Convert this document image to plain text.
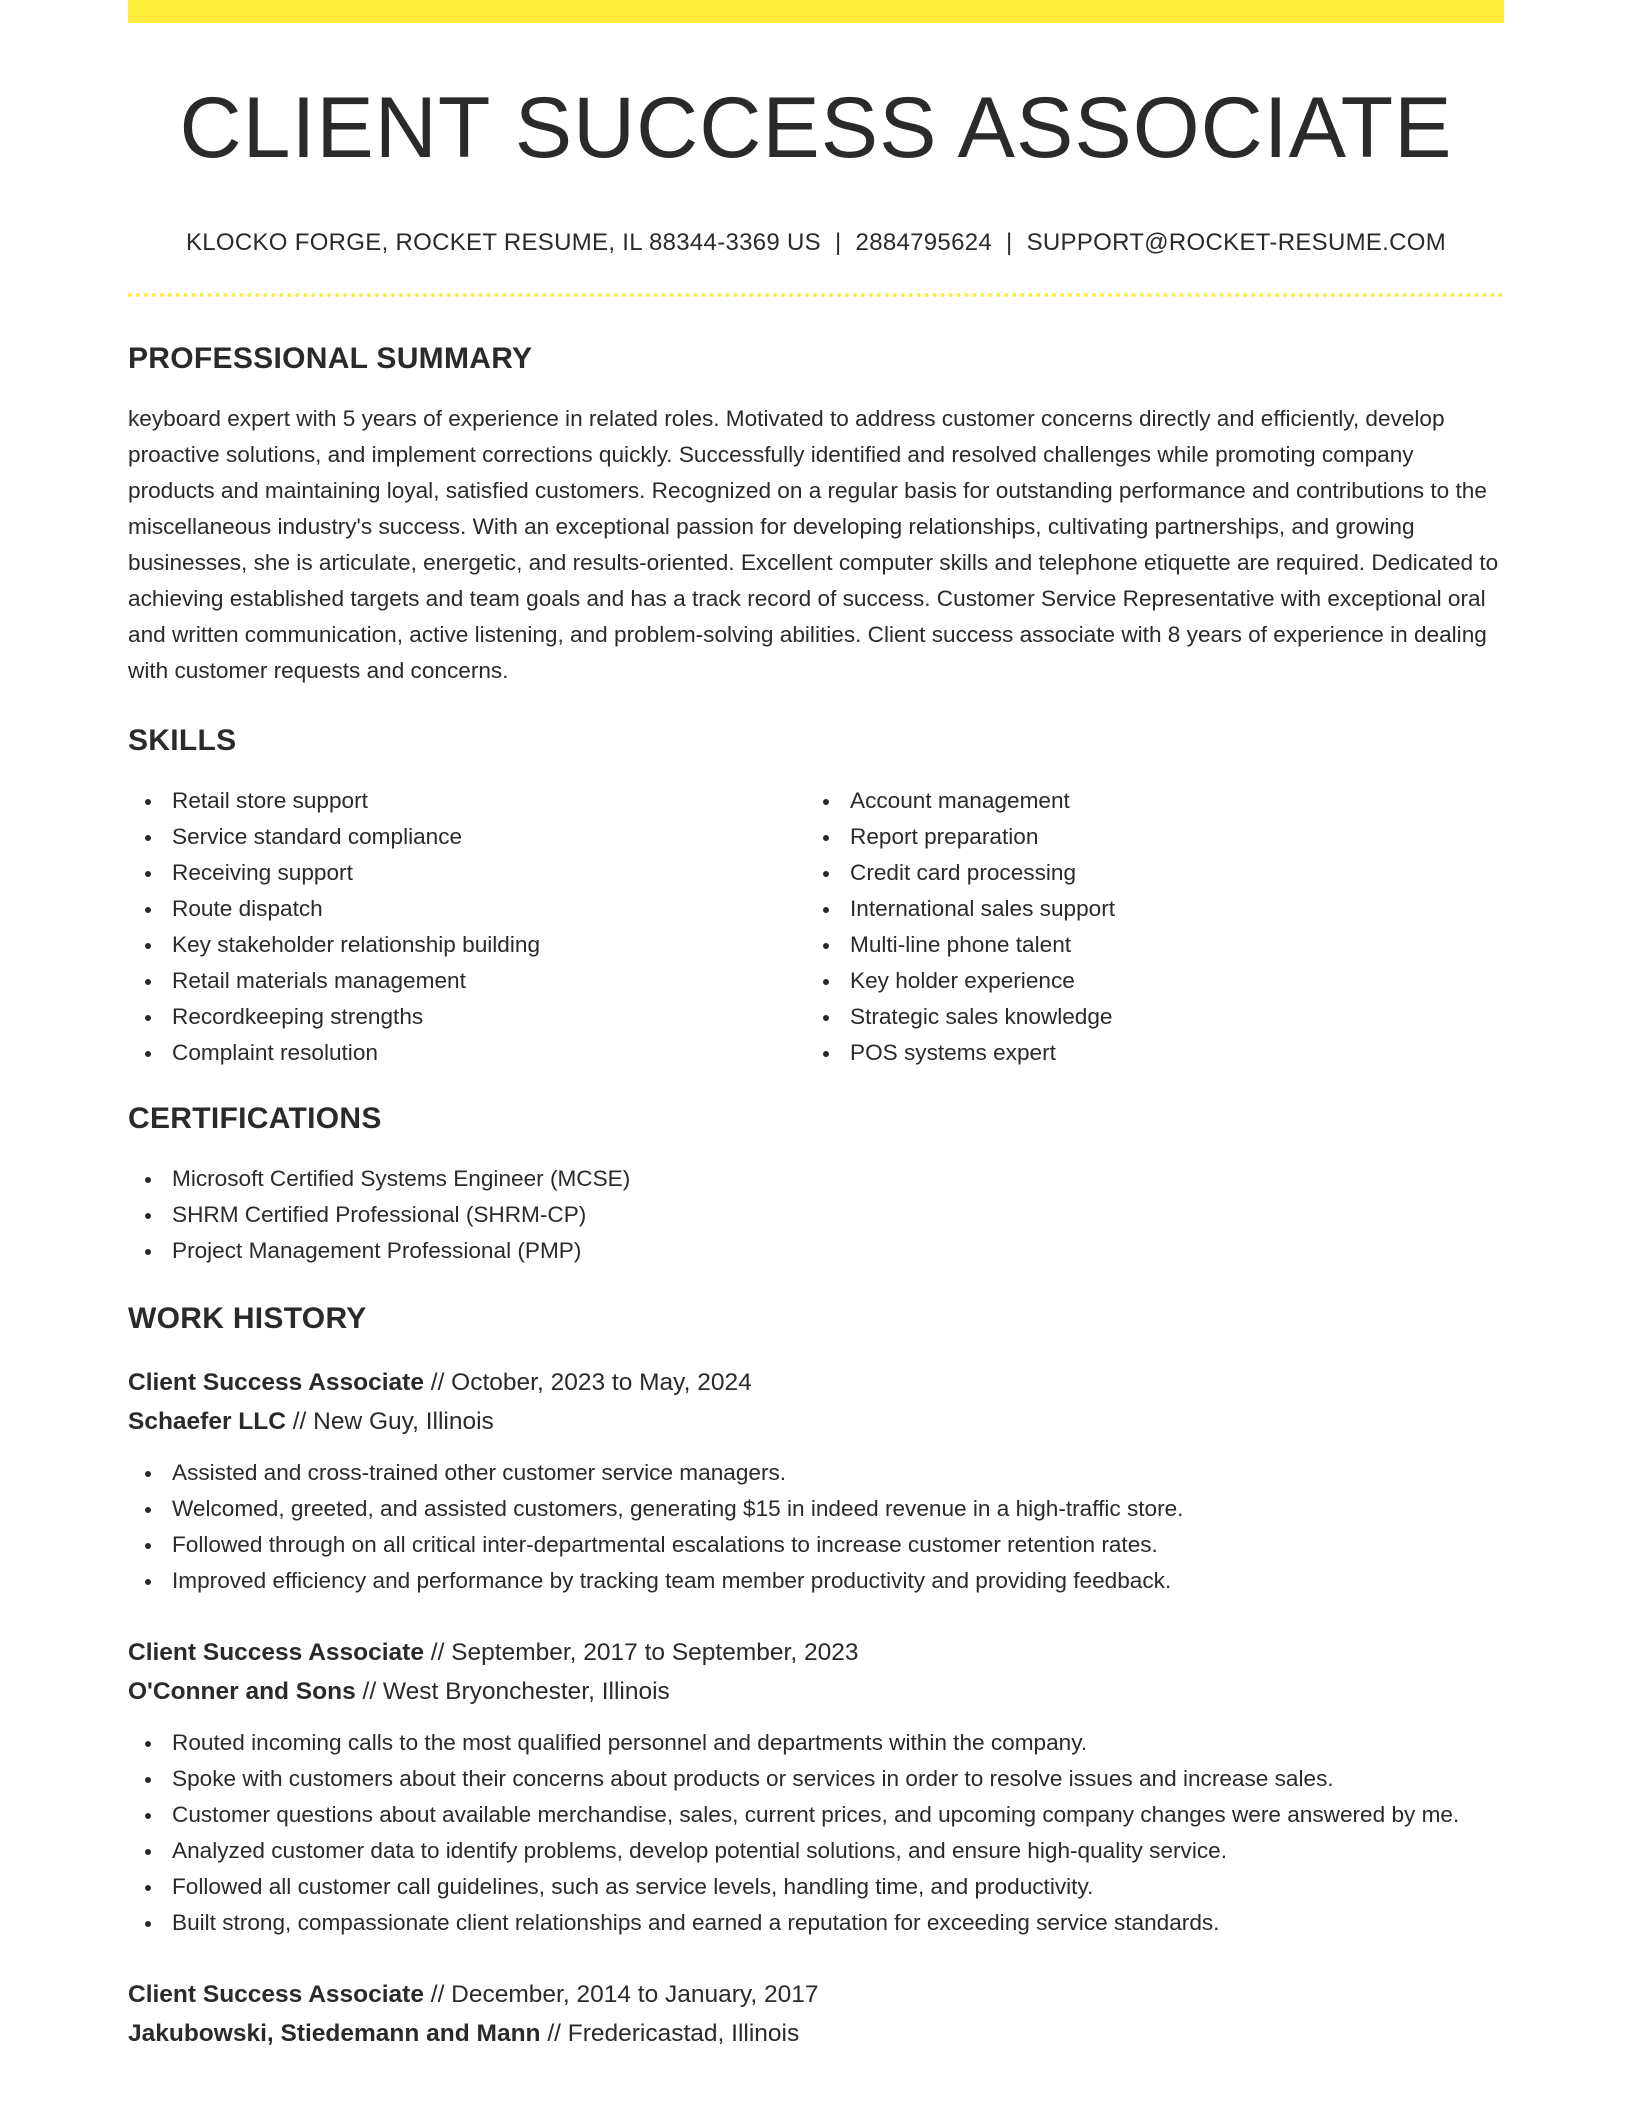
CLIENT SUCCESS ASSOCIATE
KLOCKO FORGE, ROCKET RESUME, IL 88344-3369 US | 2884795624 | SUPPORT@ROCKET-RESUME.COM
PROFESSIONAL SUMMARY

keyboard expert with 5 years of experience in related roles. Motivated to address customer concerns directly and efficiently, develop proactive solutions, and implement corrections quickly. Successfully identified and resolved challenges while promoting company products and maintaining loyal, satisfied customers. Recognized on a regular basis for outstanding performance and contributions to the miscellaneous industry's success. With an exceptional passion for developing relationships, cultivating partnerships, and growing businesses, she is articulate, energetic, and results-oriented. Excellent computer skills and telephone etiquette are required. Dedicated to achieving established targets and team goals and has a track record of success. Customer Service Representative with exceptional oral and written communication, active listening, and problem-solving abilities. Client success associate with 8 years of experience in dealing with customer requests and concerns.

SKILLS
Retail store support
Service standard compliance
Receiving support
Route dispatch
Key stakeholder relationship building
Retail materials management
Recordkeeping strengths
Complaint resolution
Account management
Report preparation
Credit card processing
International sales support
Multi-line phone talent
Key holder experience
Strategic sales knowledge
POS systems expert
CERTIFICATIONS
Microsoft Certified Systems Engineer (MCSE)
SHRM Certified Professional (SHRM-CP)
Project Management Professional (PMP)
WORK HISTORY
Client Success Associate // October, 2023 to May, 2024
Schaefer LLC // New Guy, Illinois
Assisted and cross-trained other customer service managers.
Welcomed, greeted, and assisted customers, generating $15 in indeed revenue in a high-traffic store.
Followed through on all critical inter-departmental escalations to increase customer retention rates.
Improved efficiency and performance by tracking team member productivity and providing feedback.
Client Success Associate // September, 2017 to September, 2023
O'Conner and Sons // West Bryonchester, Illinois
Routed incoming calls to the most qualified personnel and departments within the company.
Spoke with customers about their concerns about products or services in order to resolve issues and increase sales.
Customer questions about available merchandise, sales, current prices, and upcoming company changes were answered by me.
Analyzed customer data to identify problems, develop potential solutions, and ensure high-quality service.
Followed all customer call guidelines, such as service levels, handling time, and productivity.
Built strong, compassionate client relationships and earned a reputation for exceeding service standards.
Client Success Associate // December, 2014 to January, 2017
Jakubowski, Stiedemann and Mann // Fredericastad, Illinois
